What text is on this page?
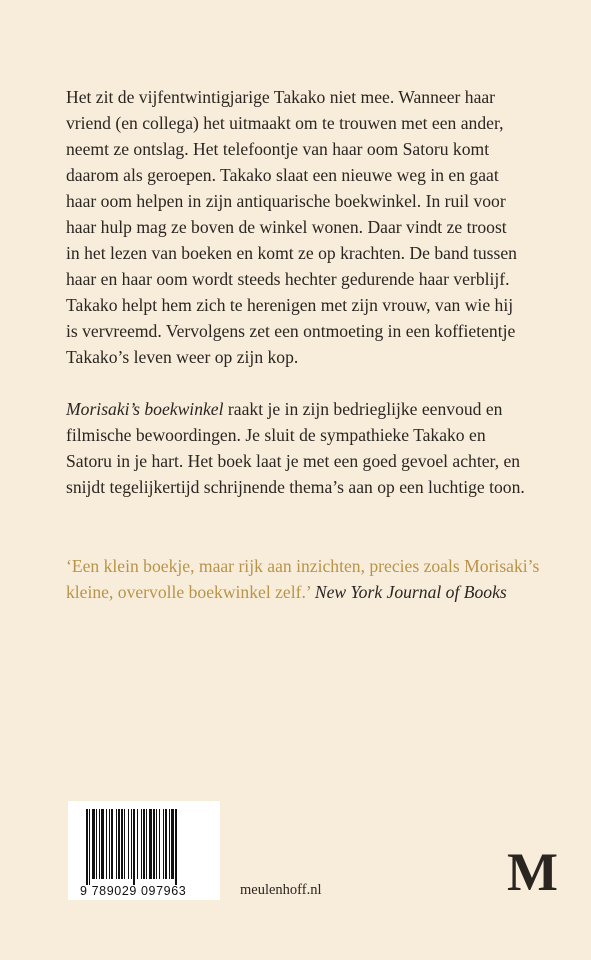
Het zit de vijfentwintigjarige Takako niet mee. Wanneer haar
vriend (en collega) het uitmaakt om te trouwen met een ander,
neemt ze ontslag. Het telefoontje van haar oom Satoru komt
daarom als geroepen. Takako slaat een nieuwe weg in en gaat
haar oom helpen in zijn antiquarische boekwinkel. In ruil voor
haar hulp mag ze boven de winkel wonen. Daar vindt ze troost
in het lezen van boeken en komt ze op krachten. De band tussen
haar en haar oom wordt steeds hechter gedurende haar verblijf.
Takako helpt hem zich te herenigen met zijn vrouw, van wie hij
is vervreemd. Vervolgens zet een ontmoeting in een koffietentje
Takako’s leven weer op zijn kop.

Morisaki’s boekwinkel raakt je in zijn bedrieglijke eenvoud en
filmische bewoordingen. Je sluit de sympathieke Takako en
Satoru in je hart. Het boek laat je met een goed gevoel achter, en
snijdt tegelijkertijd schrijnende thema’s aan op een luchtige toon.

‘Een klein boekje, maar rijk aan inzichten, precies zoals Morisaki’s
kleine, overvolle boekwinkel zelf.’ New York Journal of Books
9 789029 097963	meulenhoff.nl	M
